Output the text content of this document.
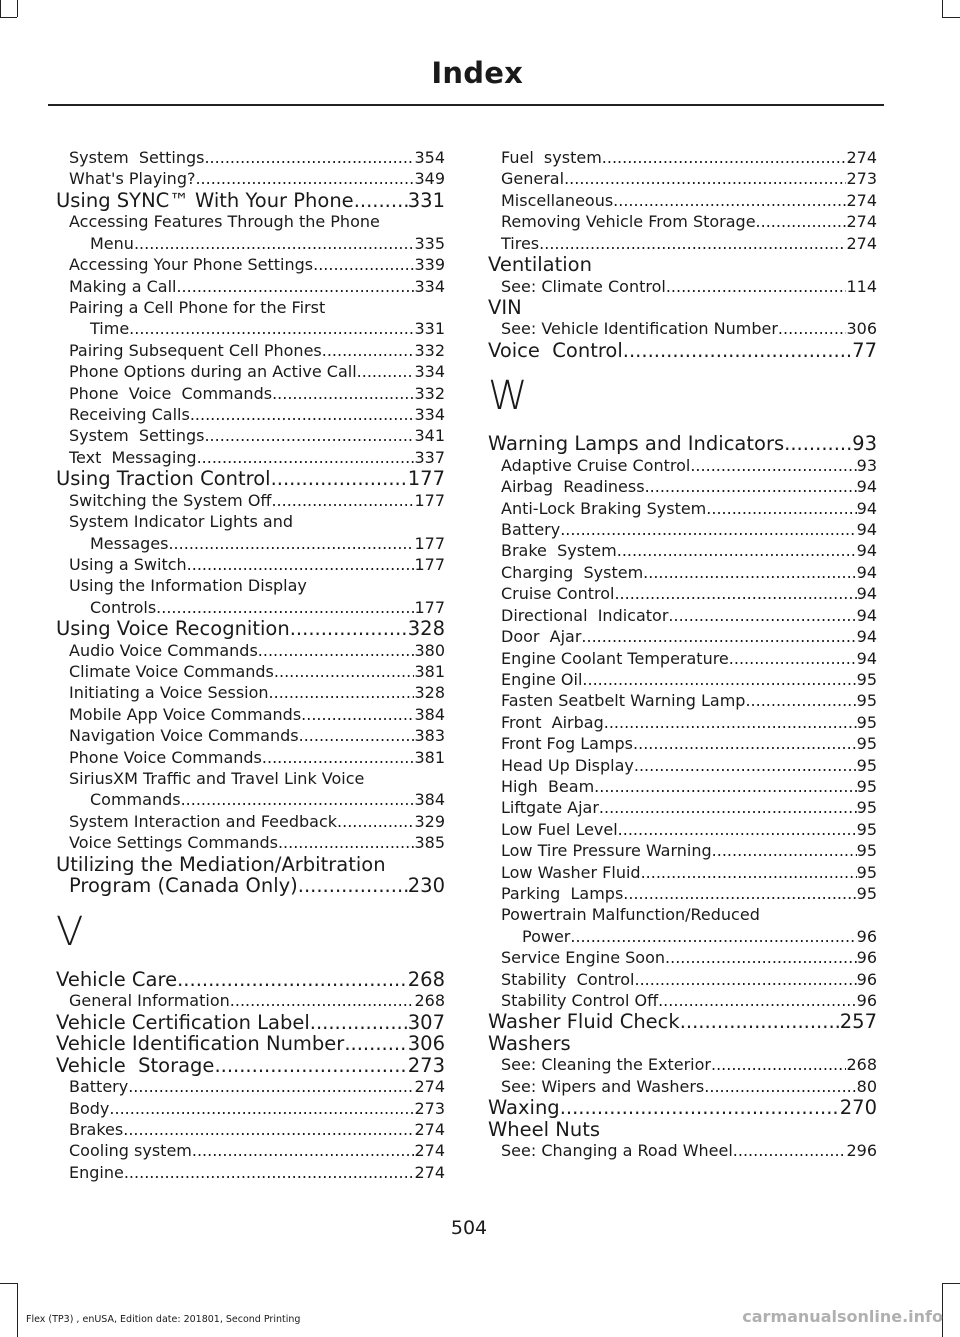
Index
System  Settings .....	354
What's Playing? .....	349
Using SYNC™ With Your Phone .....	331
Accessing Features Through the Phone
Menu .....	335
Accessing Your Phone Settings .....	339
Making a Call .....	334
Pairing a Cell Phone for the First
Time .....	331
Pairing Subsequent Cell Phones .....	332
Phone Options during an Active Call .....	334
Phone  Voice  Commands .....	332
Receiving Calls .....	334
System  Settings .....	341
Text  Messaging .....	337
Using Traction Control .....	177
Switching the System Off .....	177
System Indicator Lights and
Messages .....	177
Using a Switch .....	177
Using the Information Display
Controls .....	177
Using Voice Recognition .....	328
Audio Voice Commands .....	380
Climate Voice Commands .....	381
Initiating a Voice Session .....	328
Mobile App Voice Commands .....	384
Navigation Voice Commands .....	383
Phone Voice Commands .....	381
SiriusXM Traffic and Travel Link Voice
Commands .....	384
System Interaction and Feedback .....	329
Voice Settings Commands .....	385
Utilizing the Mediation/Arbitration
Program (Canada Only) .....	230
V
Vehicle Care .....	268
General Information .....	268
Vehicle Certification Label .....	307
Vehicle Identification Number .....	306
Vehicle  Storage .....	273
Battery .....	274
Body .....	273
Brakes .....	274
Cooling system .....	274
Engine .....	274
Fuel  system .....	274
General .....	273
Miscellaneous .....	274
Removing Vehicle From Storage .....	274
Tires .....	274
Ventilation
See: Climate Control .....	114
VIN
See: Vehicle Identification Number .....	306
Voice  Control .....	77
W
Warning Lamps and Indicators .....	93
Adaptive Cruise Control .....	93
Airbag  Readiness .....	94
Anti-Lock Braking System .....	94
Battery .....	94
Brake  System .....	94
Charging  System .....	94
Cruise Control .....	94
Directional  Indicator .....	94
Door  Ajar .....	94
Engine Coolant Temperature .....	94
Engine Oil .....	95
Fasten Seatbelt Warning Lamp .....	95
Front  Airbag .....	95
Front Fog Lamps .....	95
Head Up Display .....	95
High  Beam .....	95
Liftgate Ajar .....	95
Low Fuel Level .....	95
Low Tire Pressure Warning .....	95
Low Washer Fluid .....	95
Parking  Lamps .....	95
Powertrain Malfunction/Reduced
Power .....	96
Service Engine Soon .....	96
Stability  Control .....	96
Stability Control Off .....	96
Washer Fluid Check .....	257
Washers
See: Cleaning the Exterior .....	268
See: Wipers and Washers .....	80
Waxing .....	270
Wheel Nuts
See: Changing a Road Wheel .....	296
504
Flex (TP3) , enUSA, Edition date: 201801, Second Printing	carmanualsonline.info
